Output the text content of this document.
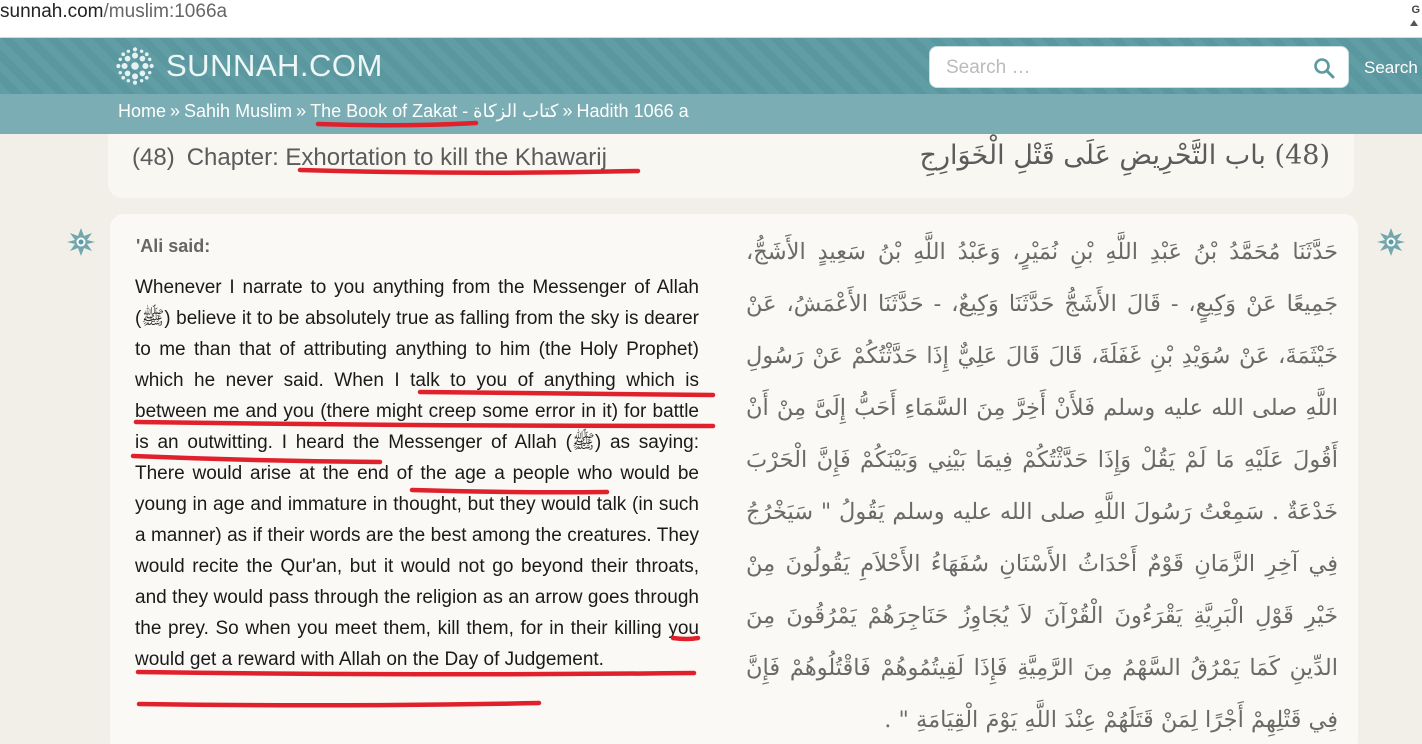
sunnah.com/muslim:1066a	G
SUNNAH.COM
Search …	Search
Home » Sahih Muslim » The Book of Zakat - كتاب الزكاة » Hadith 1066 a
(48) Chapter: Exhortation to kill the Khawarij	(48) باب التَّحْرِيضِ عَلَى قَتْلِ الْخَوَارِجِ
'Ali said:
Whenever I narrate to you anything from the Messenger of Allah (ﷺ) believe it to be absolutely true as falling from the sky is dearer to me than that of attributing anything to him (the Holy Prophet) which he never said. When I talk to you of anything which is between me and you (there might creep some error in it) for battle is an outwitting. I heard the Messenger of Allah (ﷺ) as saying: There would arise at the end of the age a people who would be young in age and immature in thought, but they would talk (in such a manner) as if their words are the best among the creatures. They would recite the Qur'an, but it would not go beyond their throats, and they would pass through the religion as an arrow goes through the prey. So when you meet them, kill them, for in their killing you would get a reward with Allah on the Day of Judgement.
حَدَّثَنَا مُحَمَّدُ بْنُ عَبْدِ اللَّهِ بْنِ نُمَيْرٍ، وَعَبْدُ اللَّهِ بْنُ سَعِيدٍ الأَشَجُّ، جَمِيعًا عَنْ وَكِيعٍ، - قَالَ الأَشَجُّ حَدَّثَنَا وَكِيعٌ، - حَدَّثَنَا الأَعْمَشُ، عَنْ خَيْثَمَةَ، عَنْ سُوَيْدِ بْنِ غَفَلَةَ، قَالَ قَالَ عَلِيٌّ إِذَا حَدَّثْتُكُمْ عَنْ رَسُولِ اللَّهِ صلى الله عليه وسلم فَلأَنْ أَخِرَّ مِنَ السَّمَاءِ أَحَبُّ إِلَىَّ مِنْ أَنْ أَقُولَ عَلَيْهِ مَا لَمْ يَقُلْ وَإِذَا حَدَّثْتُكُمْ فِيمَا بَيْنِي وَبَيْنَكُمْ فَإِنَّ الْحَرْبَ خَدْعَةٌ . سَمِعْتُ رَسُولَ اللَّهِ صلى الله عليه وسلم يَقُولُ " سَيَخْرُجُ فِي آخِرِ الزَّمَانِ قَوْمٌ أَحْدَاثُ الأَسْنَانِ سُفَهَاءُ الأَحْلاَمِ يَقُولُونَ مِنْ خَيْرِ قَوْلِ الْبَرِيَّةِ يَقْرَءُونَ الْقُرْآنَ لاَ يُجَاوِزُ حَنَاجِرَهُمْ يَمْرُقُونَ مِنَ الدِّينِ كَمَا يَمْرُقُ السَّهْمُ مِنَ الرَّمِيَّةِ فَإِذَا لَقِيتُمُوهُمْ فَاقْتُلُوهُمْ فَإِنَّ فِي قَتْلِهِمْ أَجْرًا لِمَنْ قَتَلَهُمْ عِنْدَ اللَّهِ يَوْمَ الْقِيَامَةِ " .
